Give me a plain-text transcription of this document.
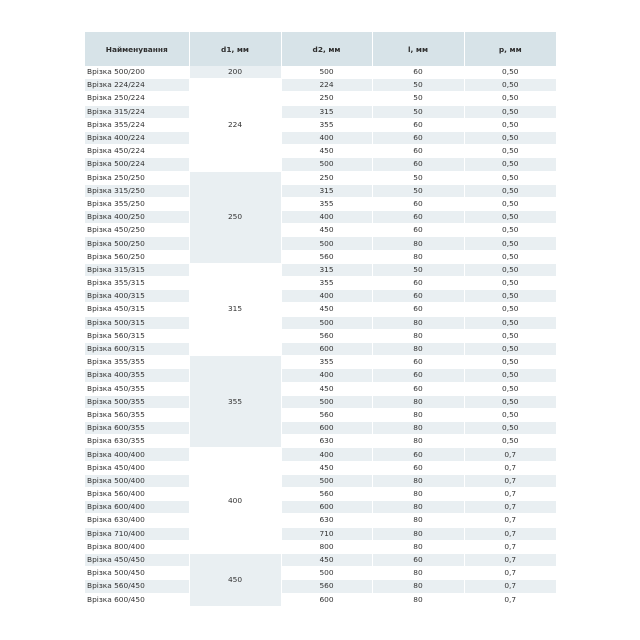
Найменування	d1, мм	d2, мм	l, мм	p, мм
Врізка 500/200	200	500	60	0,50
Врізка 224/224	224	224	50	0,50
Врізка 250/224		250	50	0,50
Врізка 315/224		315	50	0,50
Врізка 355/224		355	60	0,50
Врізка 400/224		400	60	0,50
Врізка 450/224		450	60	0,50
Врізка 500/224		500	60	0,50
Врізка 250/250	250	250	50	0,50
Врізка 315/250		315	50	0,50
Врізка 355/250		355	60	0,50
Врізка 400/250		400	60	0,50
Врізка 450/250		450	60	0,50
Врізка 500/250		500	80	0,50
Врізка 560/250		560	80	0,50
Врізка 315/315	315	315	50	0,50
Врізка 355/315		355	60	0,50
Врізка 400/315		400	60	0,50
Врізка 450/315		450	60	0,50
Врізка 500/315		500	80	0,50
Врізка 560/315		560	80	0,50
Врізка 600/315		600	80	0,50
Врізка 355/355	355	355	60	0,50
Врізка 400/355		400	60	0,50
Врізка 450/355		450	60	0,50
Врізка 500/355		500	80	0,50
Врізка 560/355		560	80	0,50
Врізка 600/355		600	80	0,50
Врізка 630/355		630	80	0,50
Врізка 400/400	400	400	60	0,7
Врізка 450/400		450	60	0,7
Врізка 500/400		500	80	0,7
Врізка 560/400		560	80	0,7
Врізка 600/400		600	80	0,7
Врізка 630/400		630	80	0,7
Врізка 710/400		710	80	0,7
Врізка 800/400		800	80	0,7
Врізка 450/450	450	450	60	0,7
Врізка 500/450		500	80	0,7
Врізка 560/450		560	80	0,7
Врізка 600/450		600	80	0,7
